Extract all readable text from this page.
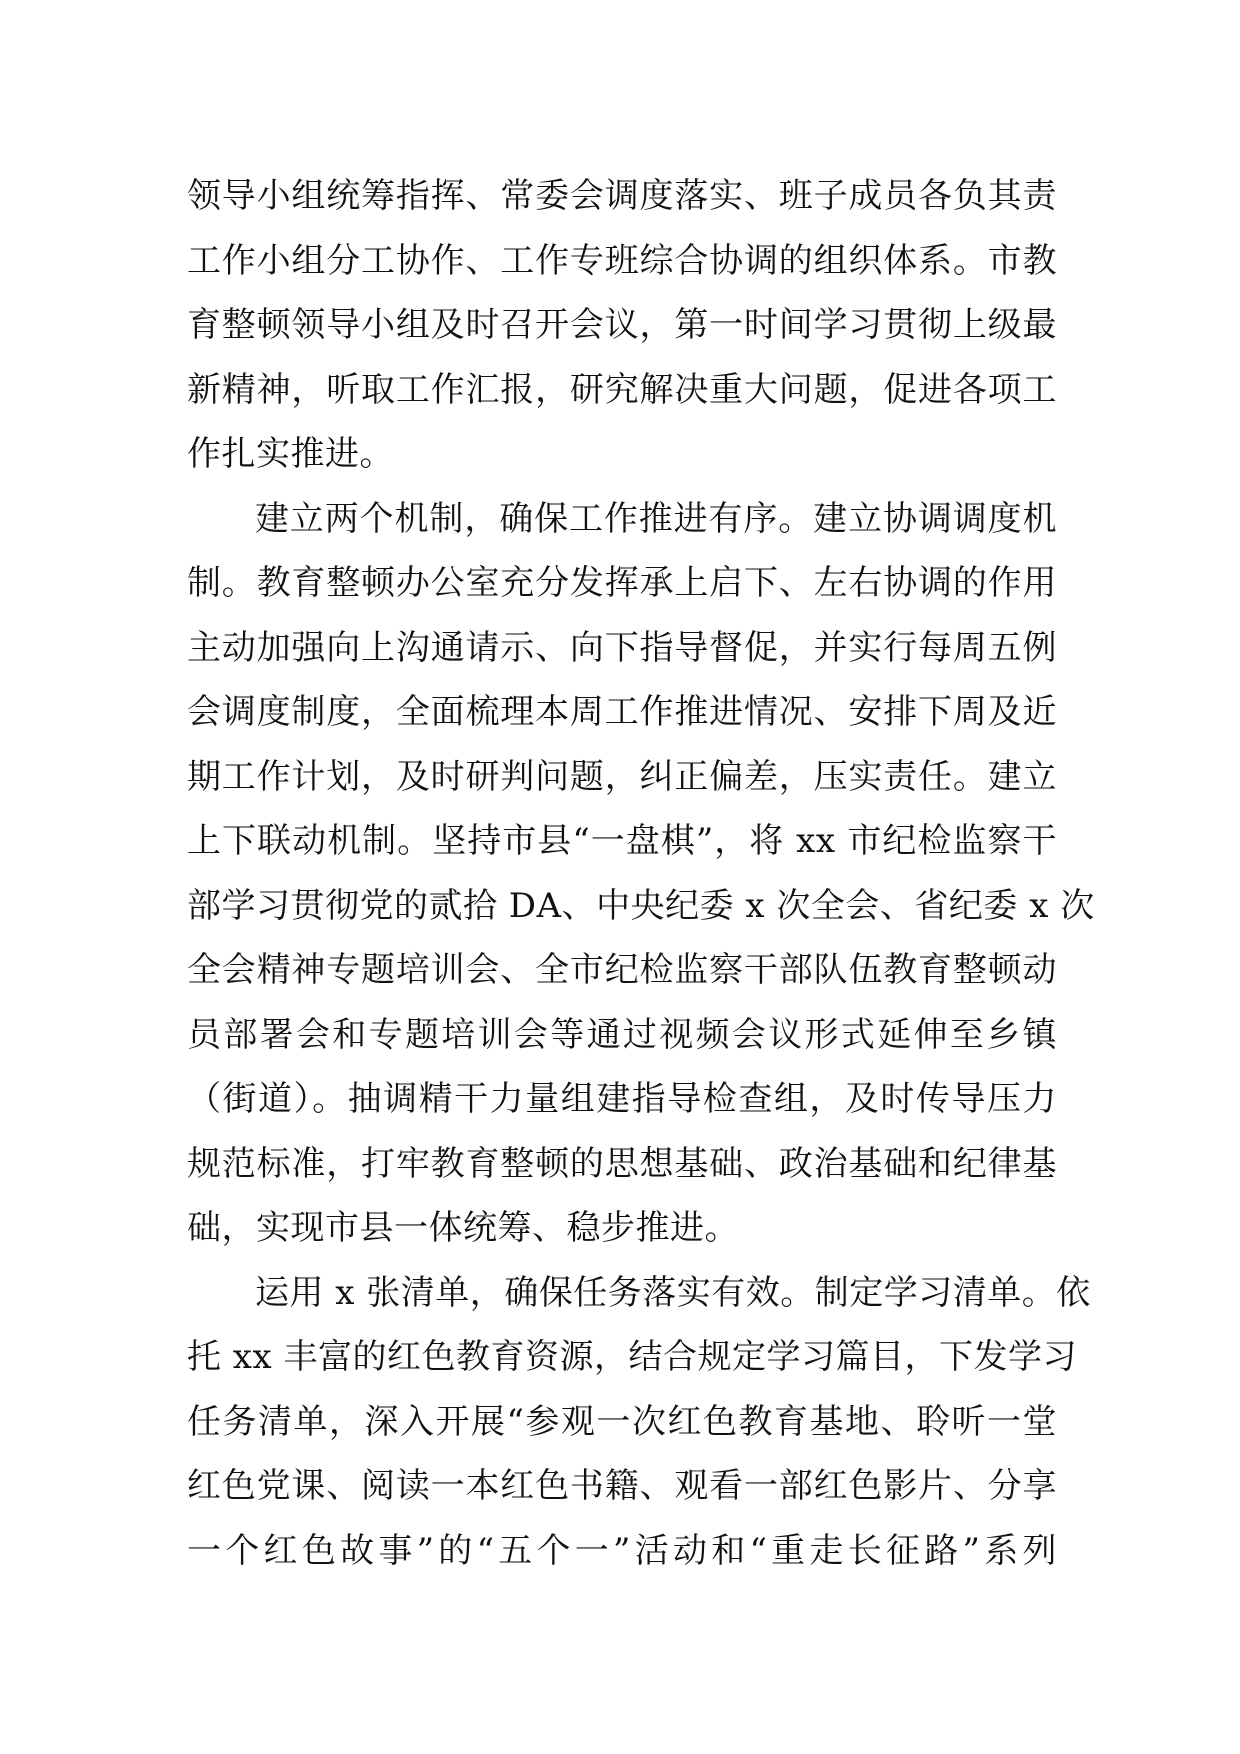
领导小组统筹指挥、常委会调度落实、班子成员各负其责
工作小组分工协作、工作专班综合协调的组织体系。市教
育整顿领导小组及时召开会议，第一时间学习贯彻上级最
新精神，听取工作汇报，研究解决重大问题，促进各项工
作扎实推进。
建立两个机制，确保工作推进有序。建立协调调度机
制。教育整顿办公室充分发挥承上启下、左右协调的作用
主动加强向上沟通请示、向下指导督促，并实行每周五例
会调度制度，全面梳理本周工作推进情况、安排下周及近
期工作计划，及时研判问题，纠正偏差，压实责任。建立
上下联动机制。坚持市县“一盘棋”，将 xx 市纪检监察干
部学习贯彻党的贰拾 DA、中央纪委 x 次全会、省纪委 x 次
全会精神专题培训会、全市纪检监察干部队伍教育整顿动
员部署会和专题培训会等通过视频会议形式延伸至乡镇
（街道）。抽调精干力量组建指导检查组，及时传导压力
规范标准，打牢教育整顿的思想基础、政治基础和纪律基
础，实现市县一体统筹、稳步推进。
运用 x 张清单，确保任务落实有效。制定学习清单。依
托 xx 丰富的红色教育资源，结合规定学习篇目，下发学习
任务清单，深入开展“参观一次红色教育基地、聆听一堂
红色党课、阅读一本红色书籍、观看一部红色影片、分享
一个红色故事”的“五个一”活动和“重走长征路”系列
